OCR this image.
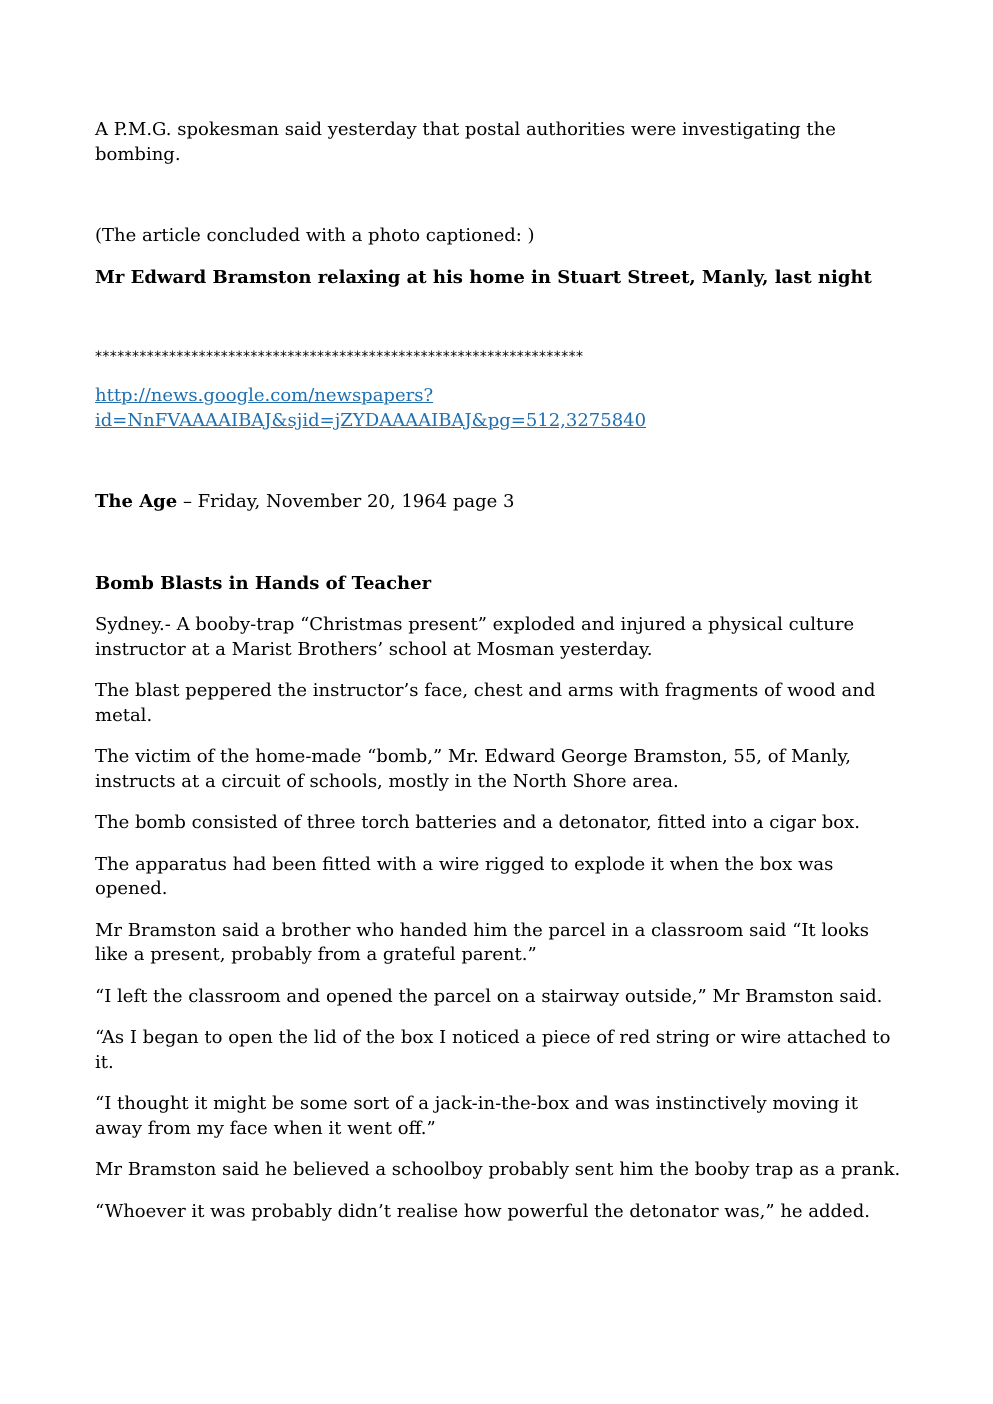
A P.M.G. spokesman said yesterday that postal authorities were investigating the bombing.

(The article concluded with a photo captioned: )

Mr Edward Bramston relaxing at his home in Stuart Street, Manly, last night

******************************************************************

http://news.google.com/newspapers?
id=NnFVAAAAIBAJ&sjid=jZYDAAAAIBAJ&pg=512,3275840

The Age – Friday, November 20, 1964 page 3

Bomb Blasts in Hands of Teacher

Sydney.- A booby-trap “Christmas present” exploded and injured a physical culture instructor at a Marist Brothers’ school at Mosman yesterday.

The blast peppered the instructor’s face, chest and arms with fragments of wood and metal.

The victim of the home-made “bomb,” Mr. Edward George Bramston, 55, of Manly, instructs at a circuit of schools, mostly in the North Shore area.

The bomb consisted of three torch batteries and a detonator, fitted into a cigar box.

The apparatus had been fitted with a wire rigged to explode it when the box was opened.

Mr Bramston said a brother who handed him the parcel in a classroom said “It looks like a present, probably from a grateful parent.”

“I left the classroom and opened the parcel on a stairway outside,” Mr Bramston said.

“As I began to open the lid of the box I noticed a piece of red string or wire attached to it.

“I thought it might be some sort of a jack-in-the-box and was instinctively moving it away from my face when it went off.”

Mr Bramston said he believed a schoolboy probably sent him the booby trap as a prank.

“Whoever it was probably didn’t realise how powerful the detonator was,” he added.
